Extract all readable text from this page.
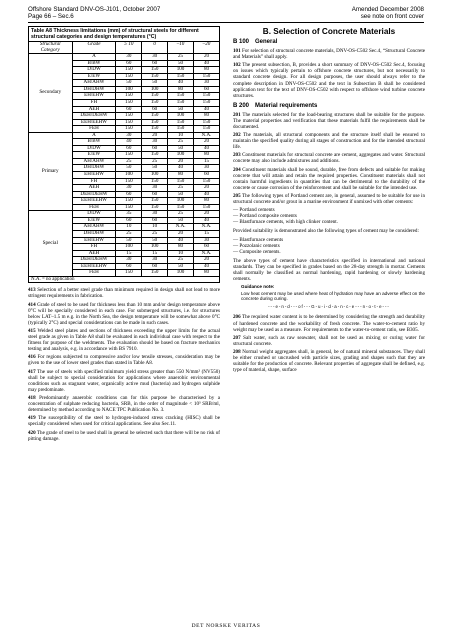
Offshore Standard DNV-OS-J101, October 2007	Amended December 2008
Page 66 – Sec.6	see note on front cover
Table A8 Thickness limitations (mm) of structural steels for different structural categories and design temperatures (°C)					
Structural Category	Grade	≥ 10	0	–10	–20
Secondary	A	30	30	25	20
	B/BW	60	60	50	40
	D/DW	150	150	100	80
	E/EW	150	150	150	150
	AH/AHW	50	50	40	30
	DH/DHW	100	100	80	60
	EH/EHW	150	150	150	150
	FH	150	150	150	150
	AEH	60	60	50	40
	DEH/DEHW	150	150	100	80
	EEH/EEHW	150	150	150	150
	FEH	150	150	150	150
Primary	A	30	20	10	N.A.
	B/BW	40	30	25	20
	D/DW	60	60	50	40
	E/EW	150	150	100	80
	AH/AHW	25	25	20	15
	DH/DHW	50	50	40	30
	EH/EHW	100	100	80	60
	FH	150	150	150	150
	AEH	30	30	25	20
	DEH/DEHW	60	60	50	40
	EEH/EEHW	150	150	100	80
	FEH	150	150	150	150
Special	D/DW	35	30	25	20
	E/EW	60	60	50	40
	AH/AHW	10	10	N.A.	N.A.
	DH/DHW	25	25	20	15
	EH/EHW	50	50	40	30
	FH	100	100	80	60
	AEH	15	15	10	N.A.
	DEH/DEHW	30	30	25	20
	EEH/EEHW	60	60	50	40
	FEH	150	150	100	80
N.A. = no application					

413 Selection of a better steel grade than minimum required in design shall not lead to more stringent requirements in fabrication.

414 Grade of steel to be used for thickness less than 10 mm and/or design temperature above 0°C will be specially considered in each case. For submerged structures, i.e. for structures below LAT–1.5 m e.g. in the North Sea, the design temperature will be somewhat above 0°C (typically 2°C) and special considerations can be made in such cases.

415 Welded steel plates and sections of thickness exceeding the upper limits for the actual steel grade as given in Table A8 shall be evaluated in each individual case with respect to the fitness for purpose of the weldments. The evaluation should be based on fracture mechanics testing and analysis, e.g. in accordance with BS 7910.

416 For regions subjected to compressive and/or low tensile stresses, consideration may be given to the use of lower steel grades than stated in Table A8.

417 The use of steels with specified minimum yield stress greater than 550 N/mm² (NV550) shall be subject to special consideration for applications where anaerobic environmental conditions such as stagnant water, organically active mud (bacteria) and hydrogen sulphide may predominate.

418 Predominantly anaerobic conditions can for this purpose be characterised by a concentration of sulphate reducing bacteria, SRB, in the order of magnitude < 10³ SRB/ml, determined by method according to NACE TPC Publication No. 3.

419 The susceptibility of the steel to hydrogen-induced stress cracking (HISC) shall be specially considered when used for critical applications. See also Sec.11.

420 The grade of steel to be used shall in general be selected such that there will be no risk of pitting damage.

B. Selection of Concrete Materials
B 100 General

101 For selection of structural concrete materials, DNV-OS-C502 Sec.4, “Structural Concrete and Materials” shall apply.

102 The present subsection, B, provides a short summary of DNV-OS-C502 Sec.4, focusing on issues which typically pertain to offshore concrete structures, but not necessarily to standard concrete design. For all design purposes, the user should always refer to the complete description in DNV-OS-C502 and the text in Subsection B shall be considered application text for the text of DNV-OS-C502 with respect to offshore wind turbine concrete structures.

B 200 Material requirements

201 The materials selected for the load-bearing structures shall be suitable for the purpose. The material properties and verification that these materials fulfil the requirements shall be documented.

202 The materials, all structural components and the structure itself shall be ensured to maintain the specified quality during all stages of construction and for the intended structural life.

203 Constituent materials for structural concrete are cement, aggregates and water. Structural concrete may also include admixtures and additions.

204 Constituent materials shall be sound, durable, free from defects and suitable for making concrete that will attain and retain the required properties. Constituent materials shall not contain harmful ingredients in quantities that can be detrimental to the durability of the concrete or cause corrosion of the reinforcement and shall be suitable for the intended use.

205 The following types of Portland cement are, in general, assumed to be suitable for use in structural concrete and/or grout in a marine environment if unmixed with other cements:

— Portland cements
— Portland composite cements
— Blastfurnace cements, with high clinker content.

Provided suitability is demonstrated also the following types of cement may be considered:

— Blastfurnace cements
— Pozzolanic cements
— Composite cements.

The above types of cement have characteristics specified in international and national standards. They can be specified in grades based on the 28-day strength in mortar. Cements shall normally be classified as normal hardening, rapid hardening or slowly hardening cements.

Guidance note:
Low heat cement may be used where heat of hydration may have an adverse effect on the concrete during curing.
---e-n-d---of---G-u-i-d-a-n-c-e---n-o-t-e---

206 The required water content is to be determined by considering the strength and durability of hardened concrete and the workability of fresh concrete. The water-to-cement ratio by weight may be used as a measure. For requirements to the water-to-cement ratio, see B305.

207 Salt water, such as raw seawater, shall not be used as mixing or curing water for structural concrete.

208 Normal weight aggregates shall, in general, be of natural mineral substances. They shall be either crushed or uncrushed with particle sizes, grading and shapes such that they are suitable for the production of concrete. Relevant properties of aggregate shall be defined, e.g. type of material, shape, surface

DET NORSKE VERITAS
